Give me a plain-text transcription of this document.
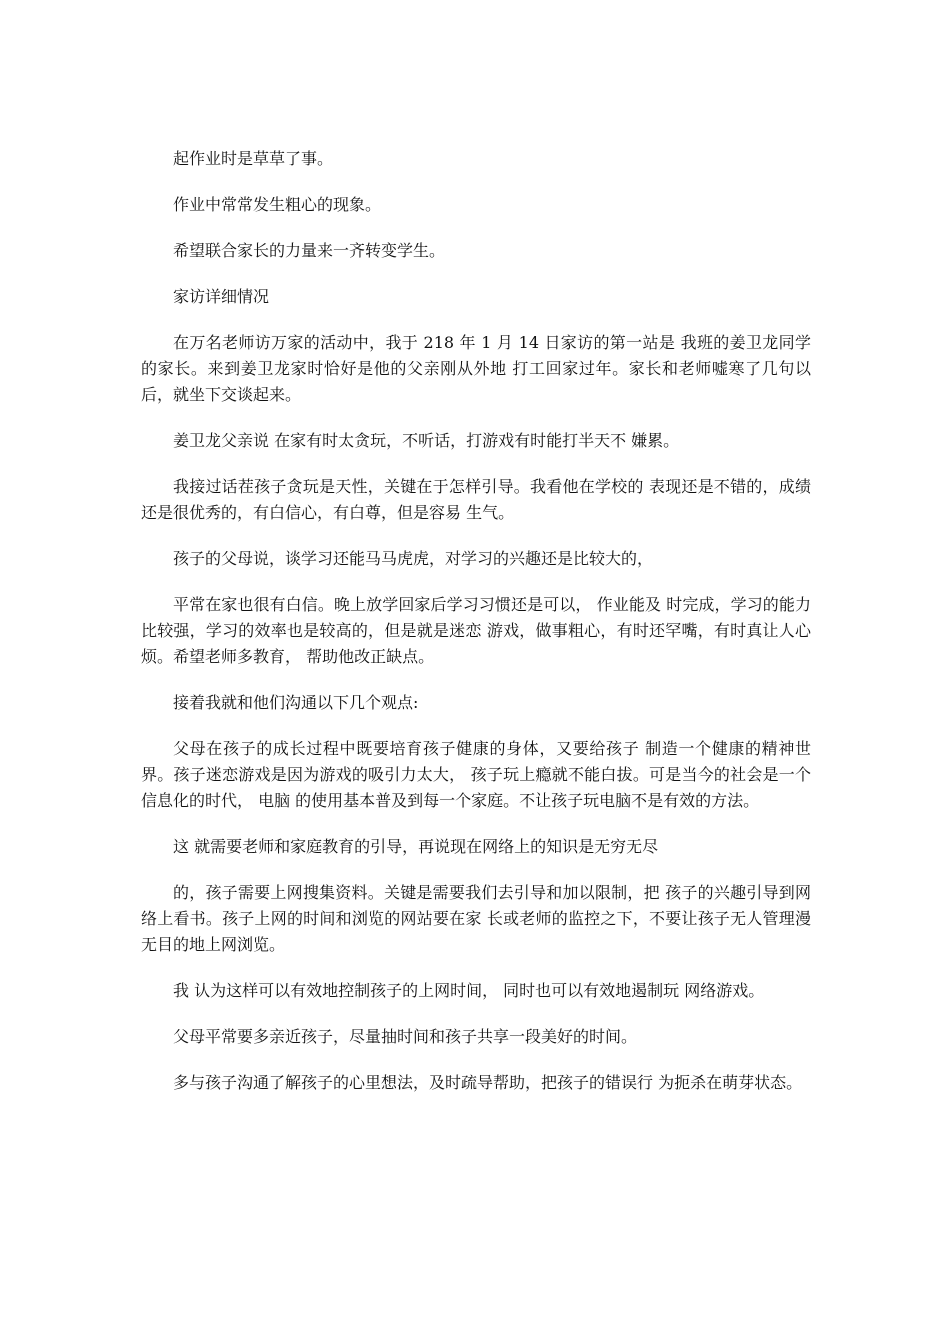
起作业时是草草了事。

作业中常常发生粗心的现象。

希望联合家长的力量来一齐转变学生。

家访详细情况

在万名老师访万家的活动中，我于 218 年 1 月 14 日家访的第一站是 我班的姜卫龙同学的家长。来到姜卫龙家时恰好是他的父亲刚从外地 打工回家过年。家长和老师嘘寒了几句以后，就坐下交谈起来。

姜卫龙父亲说 在家有时太贪玩，不听话，打游戏有时能打半天不 嫌累。

我接过话茬孩子贪玩是天性，关键在于怎样引导。我看他在学校的 表现还是不错的，成绩还是很优秀的，有白信心，有白尊，但是容易 生气。

孩子的父母说，谈学习还能马马虎虎，对学习的兴趣还是比较大的，

平常在家也很有白信。晚上放学回家后学习习惯还是可以， 作业能及 时完成，学习的能力比较强，学习的效率也是较高的，但是就是迷恋 游戏，做事粗心，有时还罕嘴，有时真让人心烦。希望老师多教育， 帮助他改正缺点。

接着我就和他们沟通以下几个观点:

父母在孩子的成长过程中既要培育孩子健康的身体，又要给孩子 制造一个健康的精神世界。孩子迷恋游戏是因为游戏的吸引力太大， 孩子玩上瘾就不能白拔。可是当今的社会是一个信息化的时代， 电脑 的使用基本普及到每一个家庭。不让孩子玩电脑不是有效的方法。

这 就需要老师和家庭教育的引导，再说现在网络上的知识是无穷无尽

的，孩子需要上网搜集资料。关键是需要我们去引导和加以限制，把 孩子的兴趣引导到网络上看书。孩子上网的时间和浏览的网站要在家 长或老师的监控之下，不要让孩子无人管理漫无目的地上网浏览。

我 认为这样可以有效地控制孩子的上网时间， 同时也可以有效地遏制玩 网络游戏。

父母平常要多亲近孩子，尽量抽时间和孩子共享一段美好的时间。

多与孩子沟通了解孩子的心里想法，及时疏导帮助，把孩子的错误行 为扼杀在萌芽状态。
